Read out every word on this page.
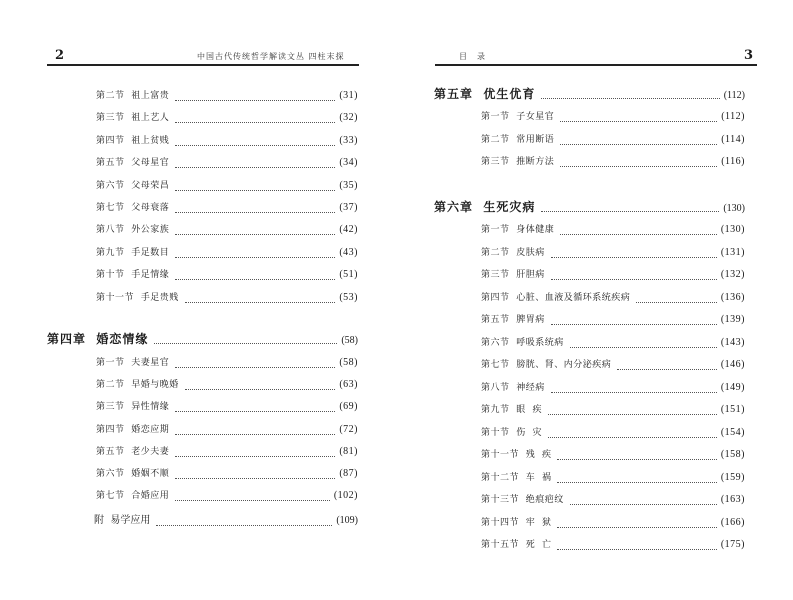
2	中国古代传统哲学解读文丛 四柱末探
第二节  祖上富贵	(31)
第三节  祖上艺人	(32)
第四节  祖上贫贱	(33)
第五节  父母星官	(34)
第六节  父母荣昌	(35)
第七节  父母衰落	(37)
第八节  外公家族	(42)
第九节  手足数目	(43)
第十节  手足情缘	(51)
第十一节  手足贵贱	(53)
第四章  婚恋情缘	(58)
第一节  夫妻星官	(58)
第二节  早婚与晚婚	(63)
第三节  异性情缘	(69)
第四节  婚恋应期	(72)
第五节  老少夫妻	(81)
第六节  婚姻不顺	(87)
第七节  合婚应用	(102)
附  易学应用	(109)
目录	3
第五章  优生优育	(112)
第一节  子女星官	(112)
第二节  常用断语	(114)
第三节  推断方法	(116)
第六章  生死灾病	(130)
第一节  身体健康	(130)
第二节  皮肤病	(131)
第三节  肝胆病	(132)
第四节  心脏、血液及循环系统疾病	(136)
第五节  脾胃病	(139)
第六节  呼吸系统病	(143)
第七节  膀胱、肾、内分泌疾病	(146)
第八节  神经病	(149)
第九节  眼  疾	(151)
第十节  伤  灾	(154)
第十一节  残  疾	(158)
第十二节  车  祸	(159)
第十三节  绝痕疤纹	(163)
第十四节  牢  狱	(166)
第十五节  死  亡	(175)
